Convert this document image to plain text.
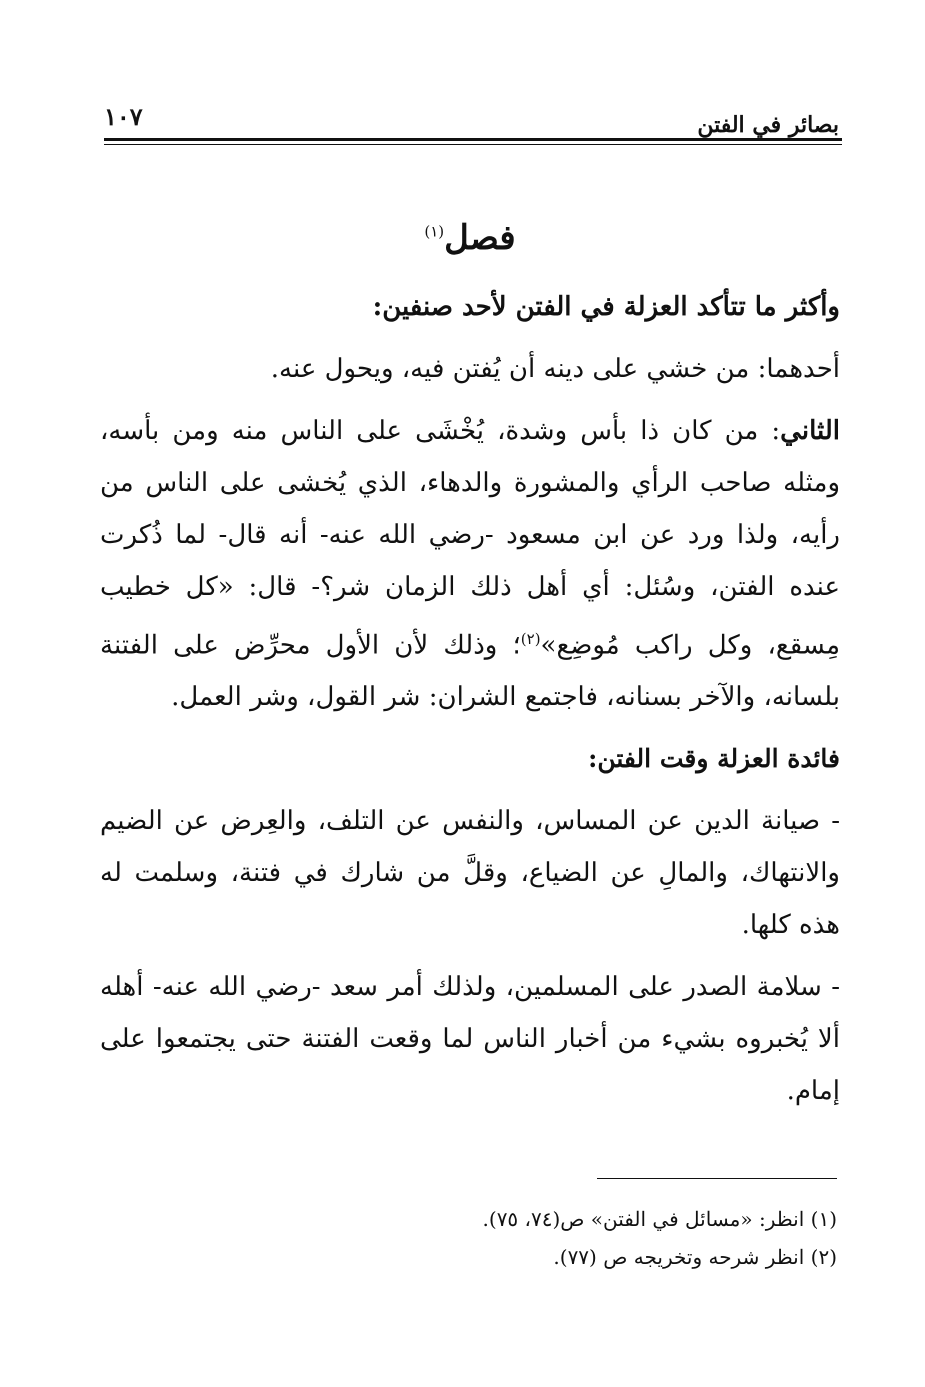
بصائر في الفتن
١٠٧
فصل$^{(١)}$

وأكثر ما تتأكد العزلة في الفتن لأحد صنفين:

أحدهما: من خشي على دينه أن يُفتن فيه، ويحول عنه.

الثاني: من كان ذا بأس وشدة، يُخْشَى على الناس منه ومن بأسه، ومثله صاحب الرأي والمشورة والدهاء، الذي يُخشى على الناس من رأيه، ولذا ورد عن ابن مسعود -رضي الله عنه- أنه قال- لما ذُكرت عنده الفتن، وسُئل: أي أهل ذلك الزمان شر؟- قال: «كل خطيب مِسقع، وكل راكب مُوضِع»$^{(٢)}$؛ وذلك لأن الأول محرِّض على الفتنة بلسانه، والآخر بسنانه، فاجتمع الشران: شر القول، وشر العمل.

فائدة العزلة وقت الفتن:

- صيانة الدين عن المساس، والنفس عن التلف، والعِرض عن الضيم والانتهاك، والمالِ عن الضياع، وقلَّ من شارك في فتنة، وسلمت له هذه كلها.

- سلامة الصدر على المسلمين، ولذلك أمر سعد -رضي الله عنه- أهله ألا يُخبروه بشيء من أخبار الناس لما وقعت الفتنة حتى يجتمعوا على إمام.

(١) انظر: «مسائل في الفتن» ص(٧٤، ٧٥).

(٢) انظر شرحه وتخريجه ص (٧٧).
